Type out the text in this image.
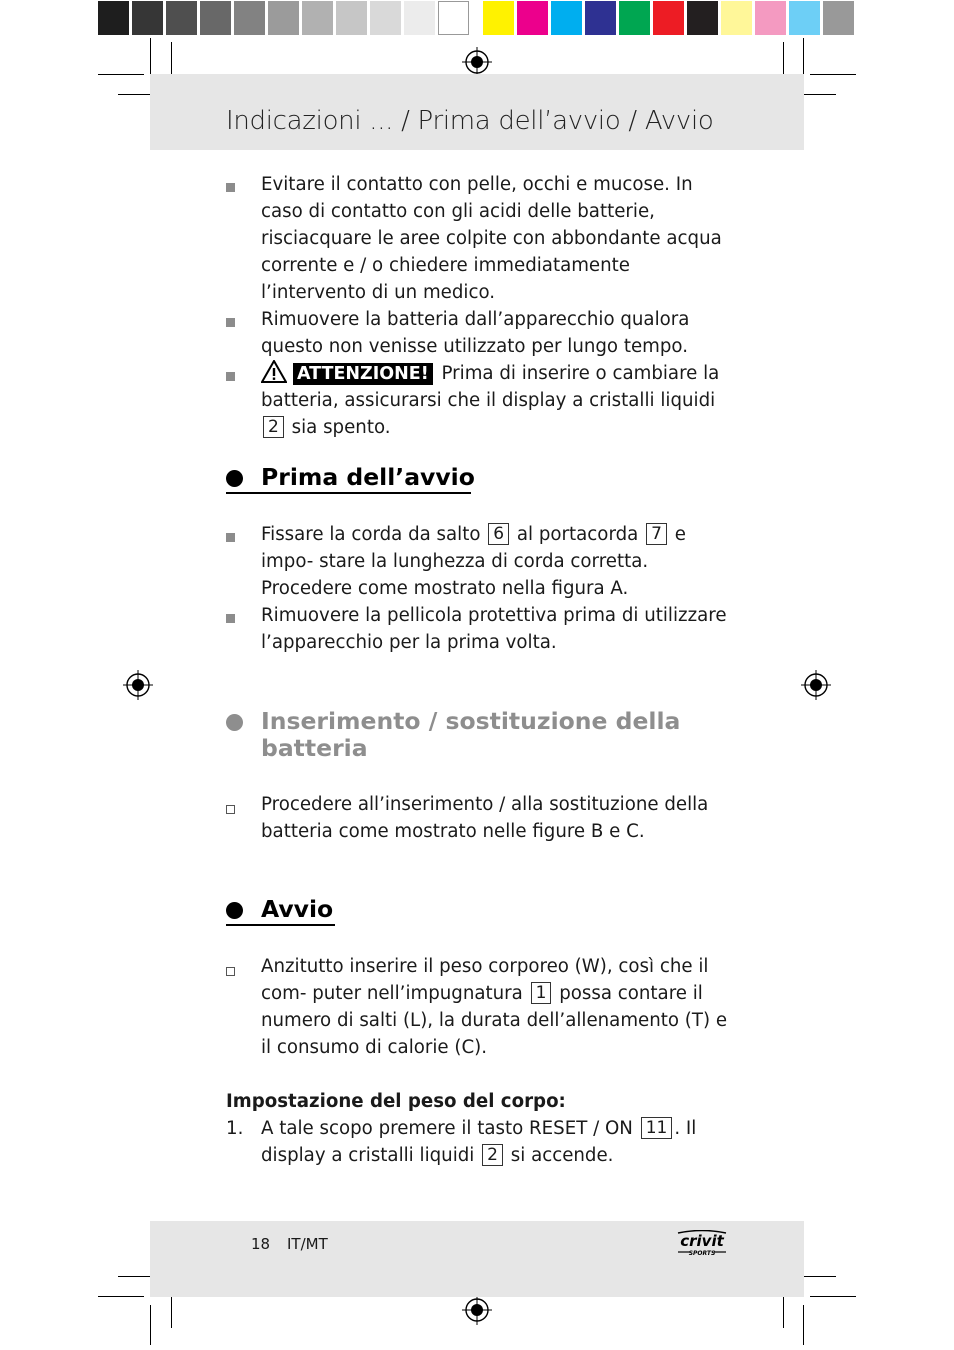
Indicazioni ... / Prima dell’avvio / Avvio
Evitare il contatto con pelle, occhi e mucose. In caso di contatto con gli acidi delle batterie, risciacquare le aree colpite con abbondante acqua corrente e / o chiedere immediatamente l’intervento di un medico.
Rimuovere la batteria dall’apparecchio qualora questo non venisse utilizzato per lungo tempo.
ATTENZIONE! Prima di inserire o cambiare la batteria, assicurarsi che il display a cristalli liquidi 2 sia spento.
Prima dell’avvio
Fissare la corda da salto 6 al portacorda 7 e impo- stare la lunghezza di corda corretta. Procedere come mostrato nella figura A.
Rimuovere la pellicola protettiva prima di utilizzare l’apparecchio per la prima volta.
Inserimento / sostituzione della
batteria
Procedere all’inserimento / alla sostituzione della batteria come mostrato nelle figure B e C.
Avvio
Anzitutto inserire il peso corporeo (W), così che il com- puter nell’impugnatura 1 possa contare il numero di salti (L), la durata dell’allenamento (T) e il consumo di calorie (C).
Impostazione del peso del corpo:
1. A tale scopo premere il tasto RESET / ON 11 . Il display a cristalli liquidi 2 si accende.
18 IT/MT	crivit
SPORTS
